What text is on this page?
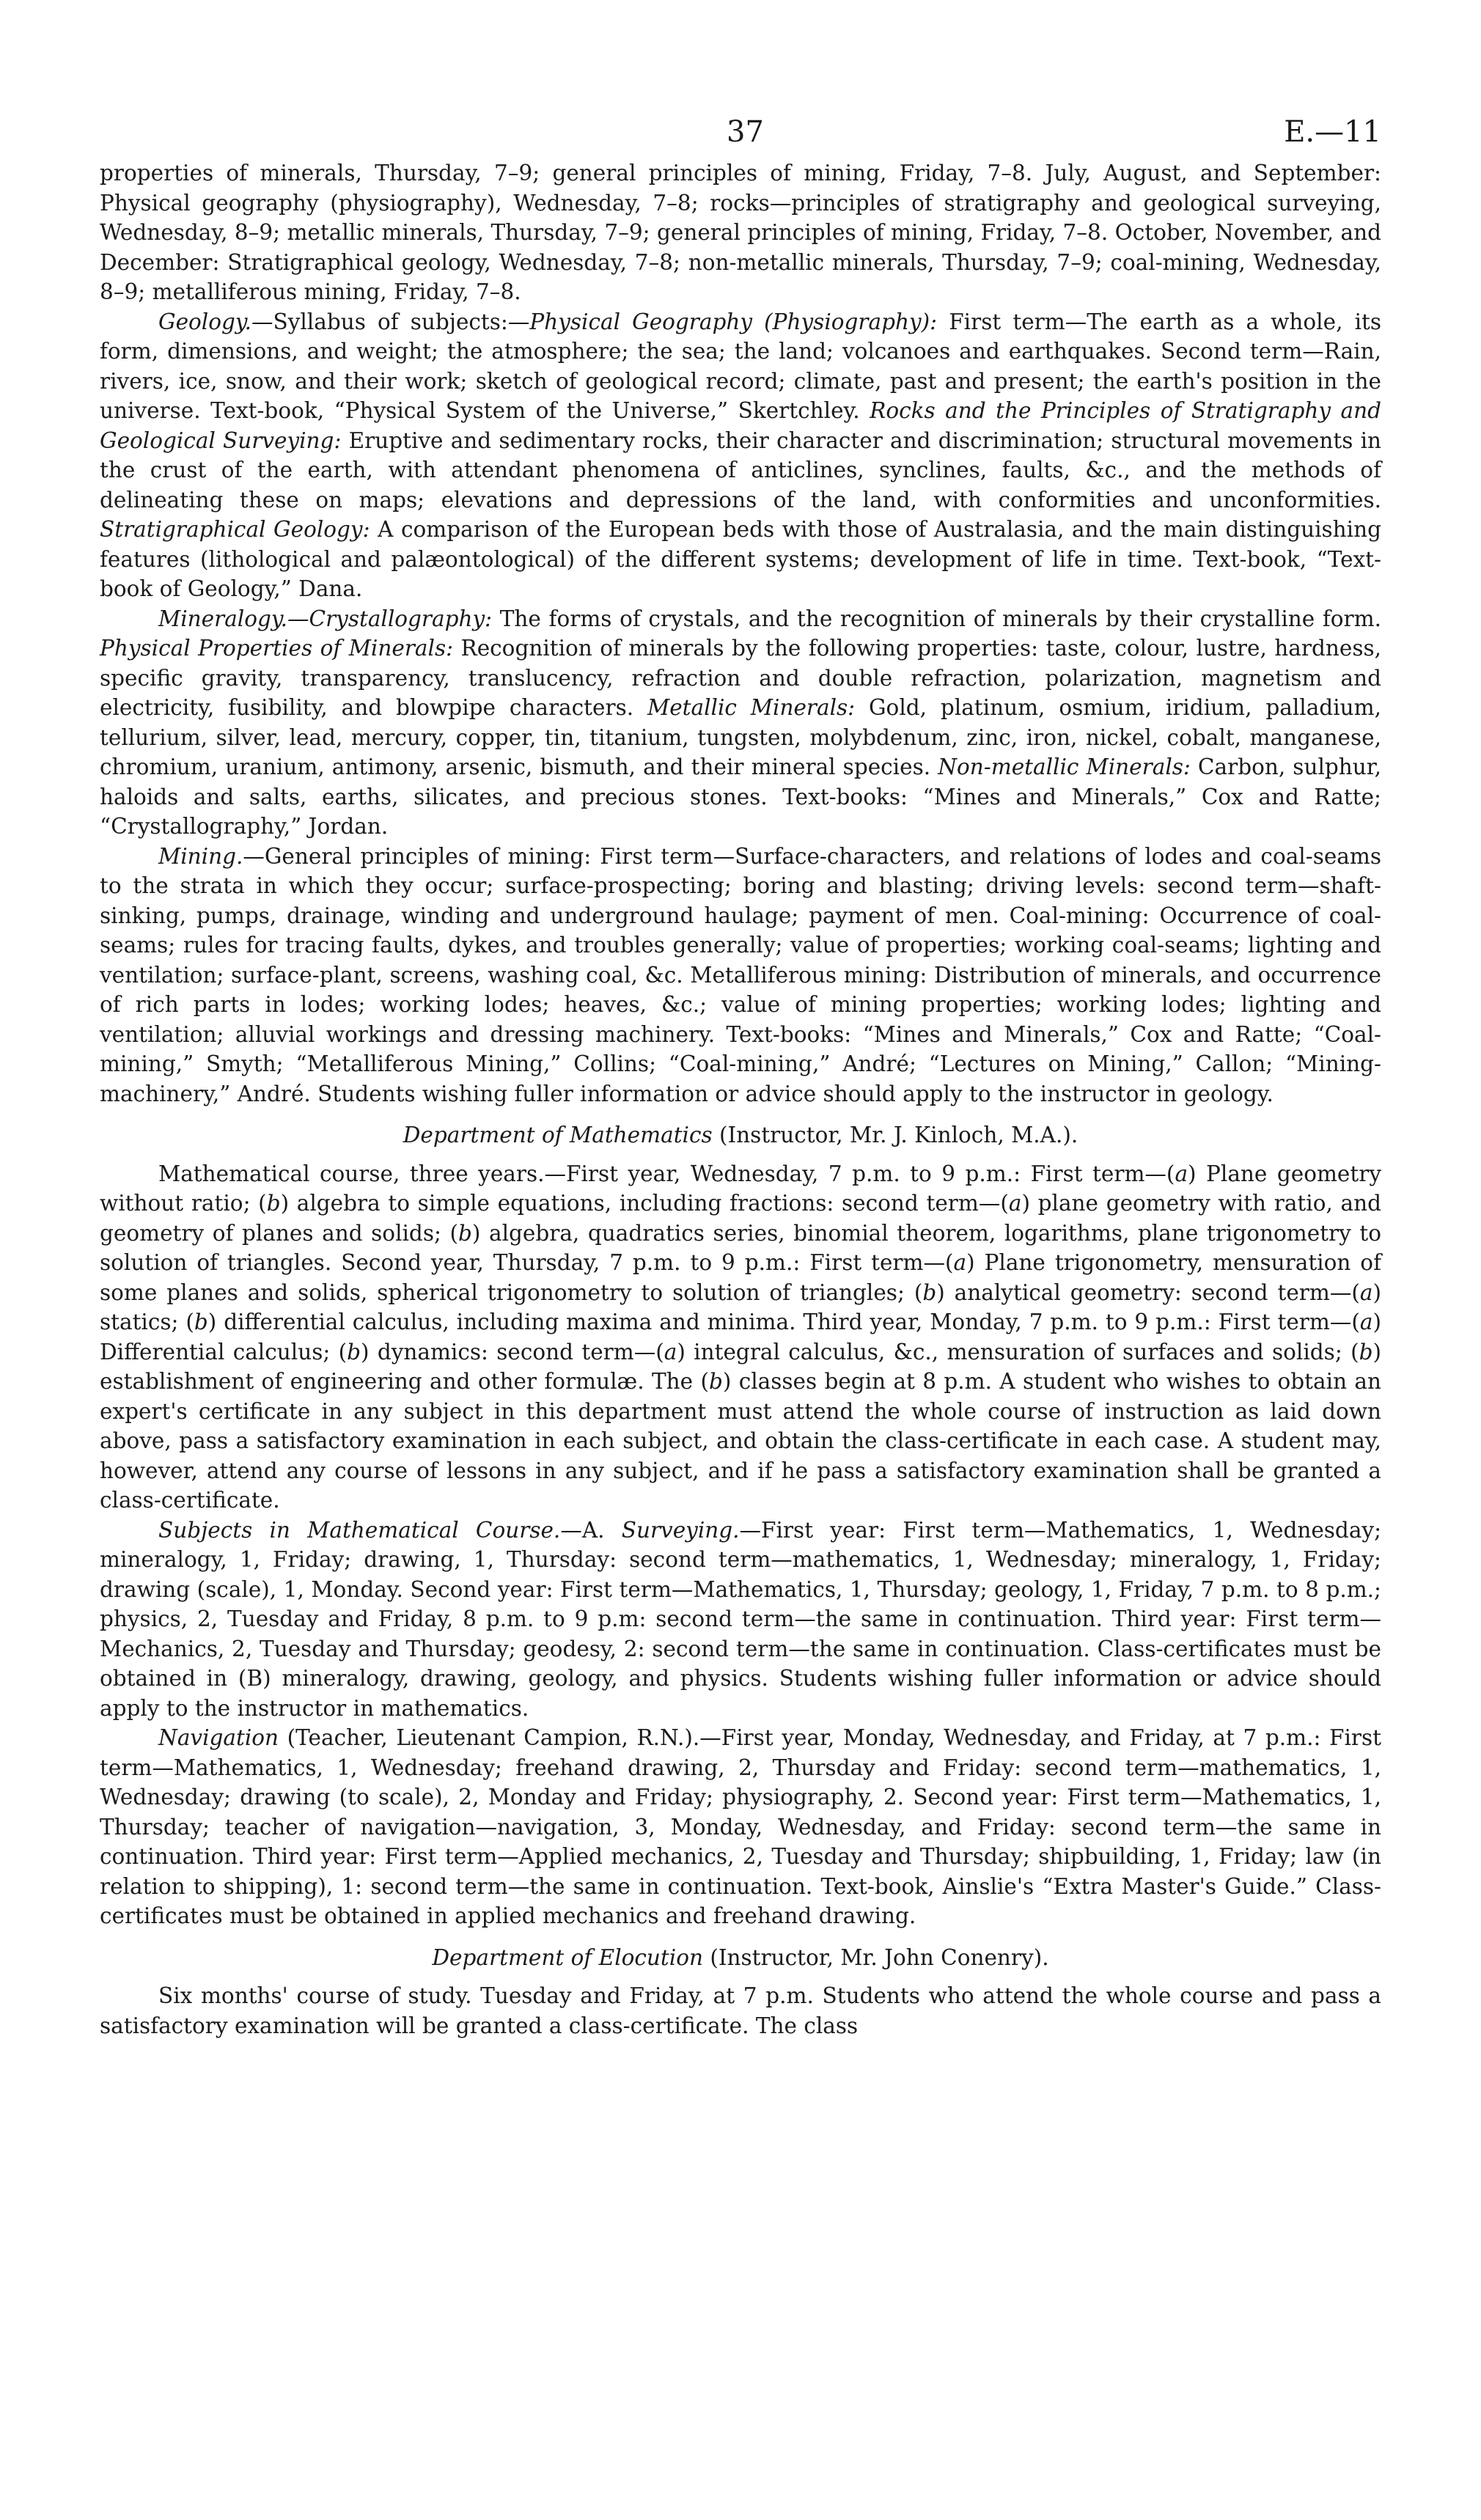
37	E.—11

properties of minerals, Thursday, 7–9; general principles of mining, Friday, 7–8. July, August, and September: Physical geography (physiography), Wednesday, 7–8; rocks—principles of stratigraphy and geological surveying, Wednesday, 8–9; metallic minerals, Thursday, 7–9; general principles of mining, Friday, 7–8. October, November, and December: Stratigraphical geology, Wednesday, 7–8; non-metallic minerals, Thursday, 7–9; coal-mining, Wednesday, 8–9; metalliferous mining, Friday, 7–8.

Geology.—Syllabus of subjects:—Physical Geography (Physiography): First term—The earth as a whole, its form, dimensions, and weight; the atmosphere; the sea; the land; volcanoes and earthquakes. Second term—Rain, rivers, ice, snow, and their work; sketch of geological record; climate, past and present; the earth's position in the universe. Text-book, “Physical System of the Universe,” Skertchley. Rocks and the Principles of Stratigraphy and Geological Surveying: Eruptive and sedimentary rocks, their character and discrimination; structural movements in the crust of the earth, with attendant phenomena of anticlines, synclines, faults, &c., and the methods of delineating these on maps; elevations and depressions of the land, with conformities and unconformities. Stratigraphical Geology: A comparison of the European beds with those of Australasia, and the main distinguishing features (lithological and palæontological) of the different systems; development of life in time. Text-book, “Text-book of Geology,” Dana.

Mineralogy.—Crystallography: The forms of crystals, and the recognition of minerals by their crystalline form. Physical Properties of Minerals: Recognition of minerals by the following properties: taste, colour, lustre, hardness, specific gravity, transparency, translucency, refraction and double refraction, polarization, magnetism and electricity, fusibility, and blowpipe characters. Metallic Minerals: Gold, platinum, osmium, iridium, palladium, tellurium, silver, lead, mercury, copper, tin, titanium, tungsten, molybdenum, zinc, iron, nickel, cobalt, manganese, chromium, uranium, antimony, arsenic, bismuth, and their mineral species. Non-metallic Minerals: Carbon, sulphur, haloids and salts, earths, silicates, and precious stones. Text-books: “Mines and Minerals,” Cox and Ratte; “Crystallography,” Jordan.

Mining.—General principles of mining: First term—Surface-characters, and relations of lodes and coal-seams to the strata in which they occur; surface-prospecting; boring and blasting; driving levels: second term—shaft-sinking, pumps, drainage, winding and underground haulage; payment of men. Coal-mining: Occurrence of coal-seams; rules for tracing faults, dykes, and troubles generally; value of properties; working coal-seams; lighting and ventilation; surface-plant, screens, washing coal, &c. Metalliferous mining: Distribution of minerals, and occurrence of rich parts in lodes; working lodes; heaves, &c.; value of mining properties; working lodes; lighting and ventilation; alluvial workings and dressing machinery. Text-books: “Mines and Minerals,” Cox and Ratte; “Coal-mining,” Smyth; “Metalliferous Mining,” Collins; “Coal-mining,” André; “Lectures on Mining,” Callon; “Mining-machinery,” André. Students wishing fuller information or advice should apply to the instructor in geology.

Department of Mathematics (Instructor, Mr. J. Kinloch, M.A.).

Mathematical course, three years.—First year, Wednesday, 7 p.m. to 9 p.m.: First term—(a) Plane geometry without ratio; (b) algebra to simple equations, including fractions: second term—(a) plane geometry with ratio, and geometry of planes and solids; (b) algebra, quadratics series, binomial theorem, logarithms, plane trigonometry to solution of triangles. Second year, Thursday, 7 p.m. to 9 p.m.: First term—(a) Plane trigonometry, mensuration of some planes and solids, spherical trigonometry to solution of triangles; (b) analytical geometry: second term—(a) statics; (b) differential calculus, including maxima and minima. Third year, Monday, 7 p.m. to 9 p.m.: First term—(a) Differential calculus; (b) dynamics: second term—(a) integral calculus, &c., mensuration of surfaces and solids; (b) establishment of engineering and other formulæ. The (b) classes begin at 8 p.m. A student who wishes to obtain an expert's certificate in any subject in this department must attend the whole course of instruction as laid down above, pass a satisfactory examination in each subject, and obtain the class-certificate in each case. A student may, however, attend any course of lessons in any subject, and if he pass a satisfactory examination shall be granted a class-certificate.

Subjects in Mathematical Course.—A. Surveying.—First year: First term—Mathematics, 1, Wednesday; mineralogy, 1, Friday; drawing, 1, Thursday: second term—mathematics, 1, Wednesday; mineralogy, 1, Friday; drawing (scale), 1, Monday. Second year: First term—Mathematics, 1, Thursday; geology, 1, Friday, 7 p.m. to 8 p.m.; physics, 2, Tuesday and Friday, 8 p.m. to 9 p.m: second term—the same in continuation. Third year: First term—Mechanics, 2, Tuesday and Thursday; geodesy, 2: second term—the same in continuation. Class-certificates must be obtained in (B) mineralogy, drawing, geology, and physics. Students wishing fuller information or advice should apply to the instructor in mathematics.

Navigation (Teacher, Lieutenant Campion, R.N.).—First year, Monday, Wednesday, and Friday, at 7 p.m.: First term—Mathematics, 1, Wednesday; freehand drawing, 2, Thursday and Friday: second term—mathematics, 1, Wednesday; drawing (to scale), 2, Monday and Friday; physiography, 2. Second year: First term—Mathematics, 1, Thursday; teacher of navigation—navigation, 3, Monday, Wednesday, and Friday: second term—the same in continuation. Third year: First term—Applied mechanics, 2, Tuesday and Thursday; shipbuilding, 1, Friday; law (in relation to shipping), 1: second term—the same in continuation. Text-book, Ainslie's “Extra Master's Guide.” Class-certificates must be obtained in applied mechanics and freehand drawing.

Department of Elocution (Instructor, Mr. John Conenry).

Six months' course of study. Tuesday and Friday, at 7 p.m. Students who attend the whole course and pass a satisfactory examination will be granted a class-certificate. The class
